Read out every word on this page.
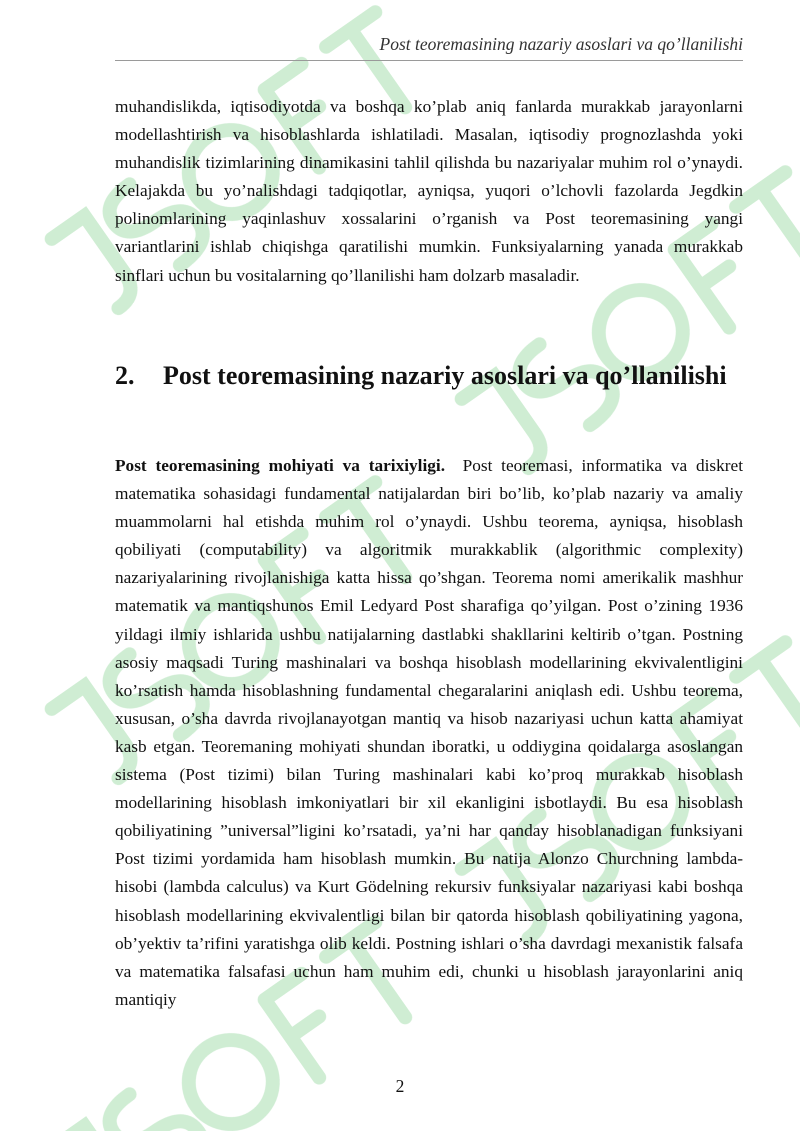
Post teoremasining nazariy asoslari va qo’llanilishi

muhandislikda, iqtisodiyotda va boshqa ko’plab aniq fanlarda murakkab jarayonlarni modellashtirish va hisoblashlarda ishlatiladi. Masalan, iqtisodiy prognozlashda yoki muhandislik tizimlarining dinamikasini tahlil qilishda bu nazariyalar muhim rol o’ynaydi. Kelajakda bu yo’nalishdagi tadqiqotlar, ayniqsa, yuqori o’lchovli fazolarda Jegdkin polinomlarining yaqinlashuv xossalarini o’rganish va Post teoremasining yangi variantlarini ishlab chiqishga qaratilishi mumkin. Funksiyalarning yanada murakkab sinflari uchun bu vositalarning qo’llanilishi ham dolzarb masaladir.

2. Post teoremasining nazariy asoslari va qo’llanilishi

Post teoremasining mohiyati va tarixiyligi. Post teoremasi, informatika va diskret matematika sohasidagi fundamental natijalardan biri bo’lib, ko’plab nazariy va amaliy muammolarni hal etishda muhim rol o’ynaydi. Ushbu teorema, ayniqsa, hisoblash qobiliyati (computability) va algoritmik murakkablik (algorithmic complexity) nazariyalarining rivojlanishiga katta hissa qo’shgan. Teorema nomi amerikalik mashhur matematik va mantiqshunos Emil Ledyard Post sharafiga qo’yilgan. Post o’zining 1936 yildagi ilmiy ishlarida ushbu natijalarning dastlabki shakllarini keltirib o’tgan. Postning asosiy maqsadi Turing mashinalari va boshqa hisoblash modellarining ekvivalentligini ko’rsatish hamda hisoblashning fundamental chegaralarini aniqlash edi. Ushbu teorema, xususan, o’sha davrda rivojlanayotgan mantiq va hisob nazariyasi uchun katta ahamiyat kasb etgan. Teoremaning mohiyati shundan iboratki, u oddiygina qoidalarga asoslangan sistema (Post tizimi) bilan Turing mashinalari kabi ko’proq murakkab hisoblash modellarining hisoblash imkoniyatlari bir xil ekanligini isbotlaydi. Bu esa hisoblash qobiliyatining ”universal”ligini ko’rsatadi, ya’ni har qanday hisoblanadigan funksiyani Post tizimi yordamida ham hisoblash mumkin. Bu natija Alonzo Churchning lambda-hisobi (lambda calculus) va Kurt Gödelning rekursiv funksiyalar nazariyasi kabi boshqa hisoblash modellarining ekvivalentligi bilan bir qatorda hisoblash qobiliyatining yagona, ob’yektiv ta’rifini yaratishga olib keldi. Postning ishlari o’sha davrdagi mexanistik falsafa va matematika falsafasi uchun ham muhim edi, chunki u hisoblash jarayonlarini aniq mantiqiy

2
